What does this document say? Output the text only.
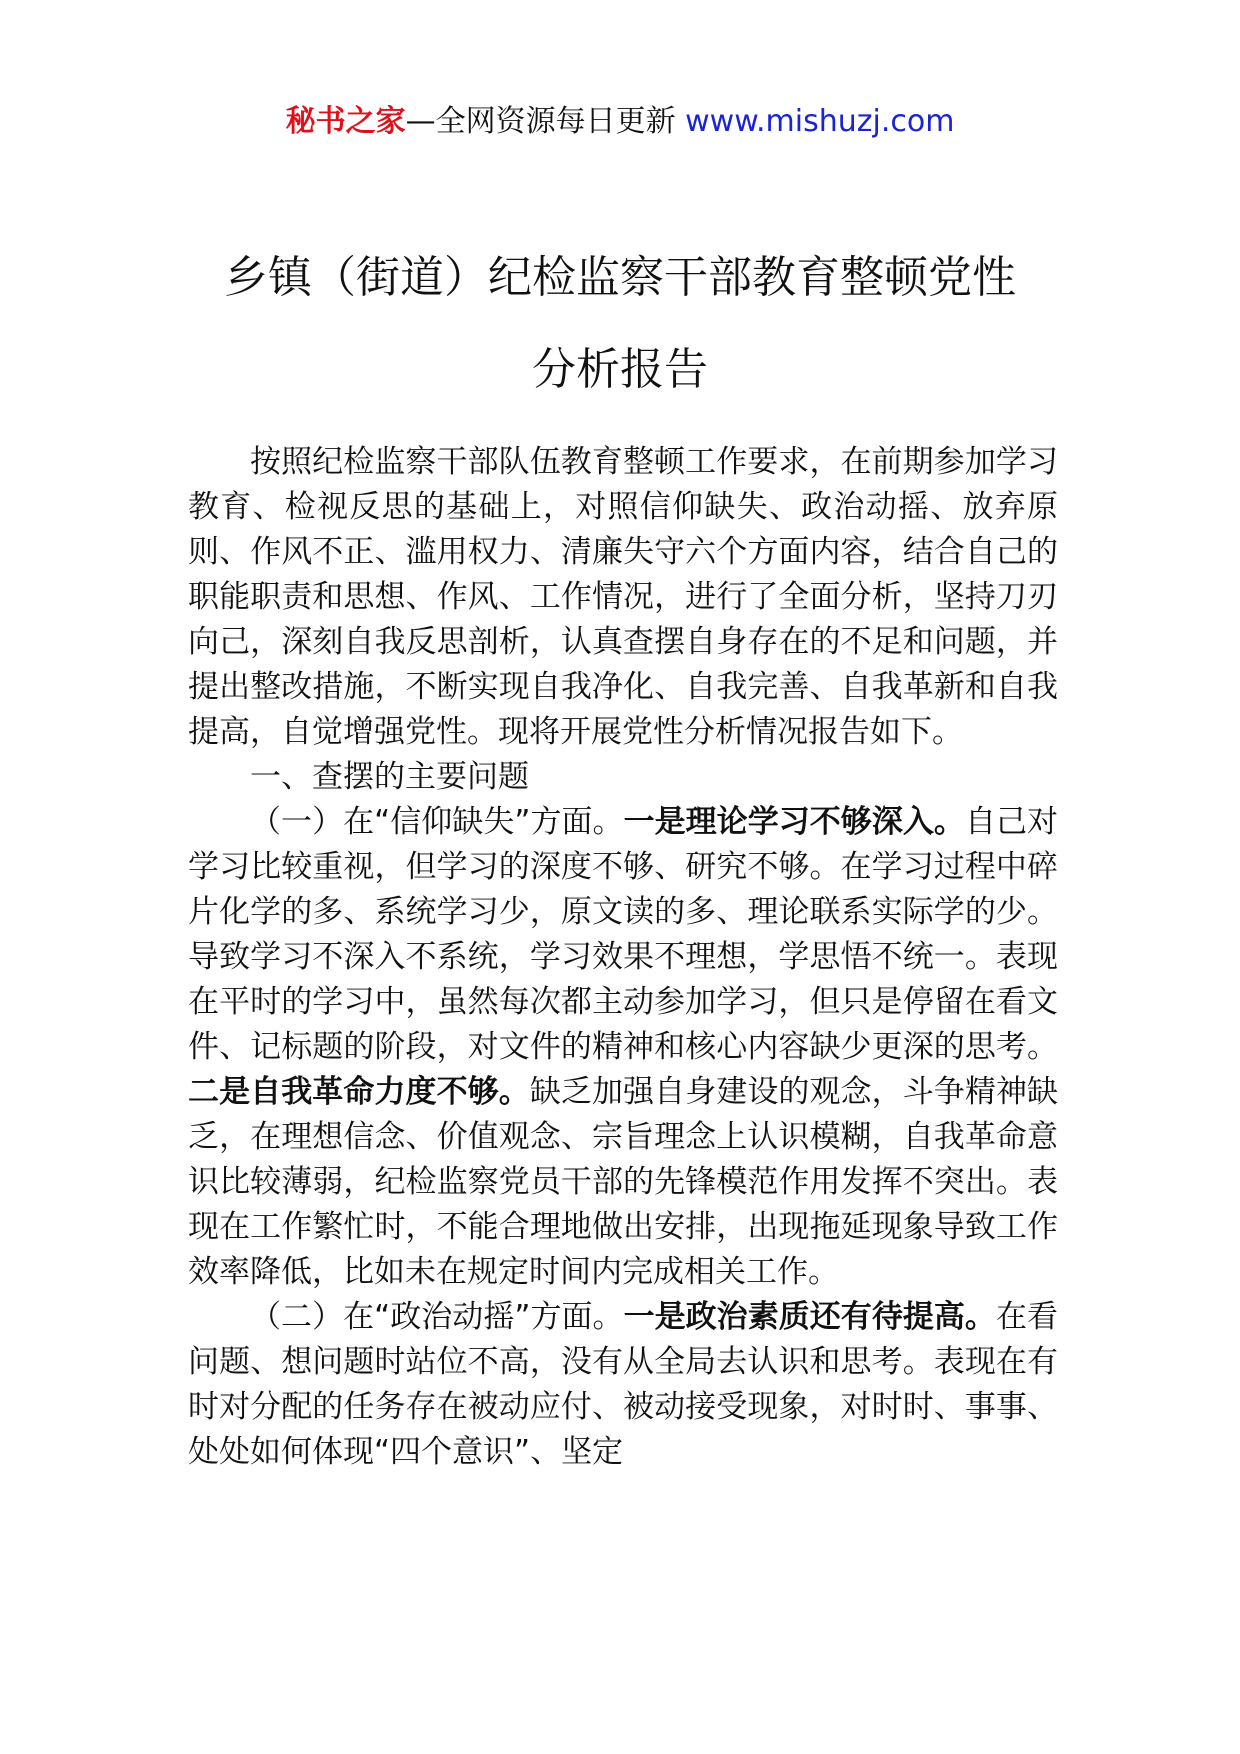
秘书之家—全网资源每日更新 www.mishuzj.com
乡镇（街道）纪检监察干部教育整顿党性
分析报告

按照纪检监察干部队伍教育整顿工作要求，在前期参加学习教育、检视反思的基础上，对照信仰缺失、政治动摇、放弃原则、作风不正、滥用权力、清廉失守六个方面内容，结合自己的职能职责和思想、作风、工作情况，进行了全面分析，坚持刀刃向己，深刻自我反思剖析，认真查摆自身存在的不足和问题，并提出整改措施，不断实现自我净化、自我完善、自我革新和自我提高，自觉增强党性。现将开展党性分析情况报告如下。

一、查摆的主要问题

（一）在“信仰缺失”方面。一是理论学习不够深入。自己对学习比较重视，但学习的深度不够、研究不够。在学习过程中碎片化学的多、系统学习少，原文读的多、理论联系实际学的少。导致学习不深入不系统，学习效果不理想，学思悟不统一。表现在平时的学习中，虽然每次都主动参加学习，但只是停留在看文件、记标题的阶段，对文件的精神和核心内容缺少更深的思考。二是自我革命力度不够。缺乏加强自身建设的观念，斗争精神缺乏，在理想信念、价值观念、宗旨理念上认识模糊，自我革命意识比较薄弱，纪检监察党员干部的先锋模范作用发挥不突出。表现在工作繁忙时，不能合理地做出安排，出现拖延现象导致工作效率降低，比如未在规定时间内完成相关工作。

（二）在“政治动摇”方面。一是政治素质还有待提高。在看问题、想问题时站位不高，没有从全局去认识和思考。表现在有时对分配的任务存在被动应付、被动接受现象，对时时、事事、处处如何体现“四个意识”、坚定
